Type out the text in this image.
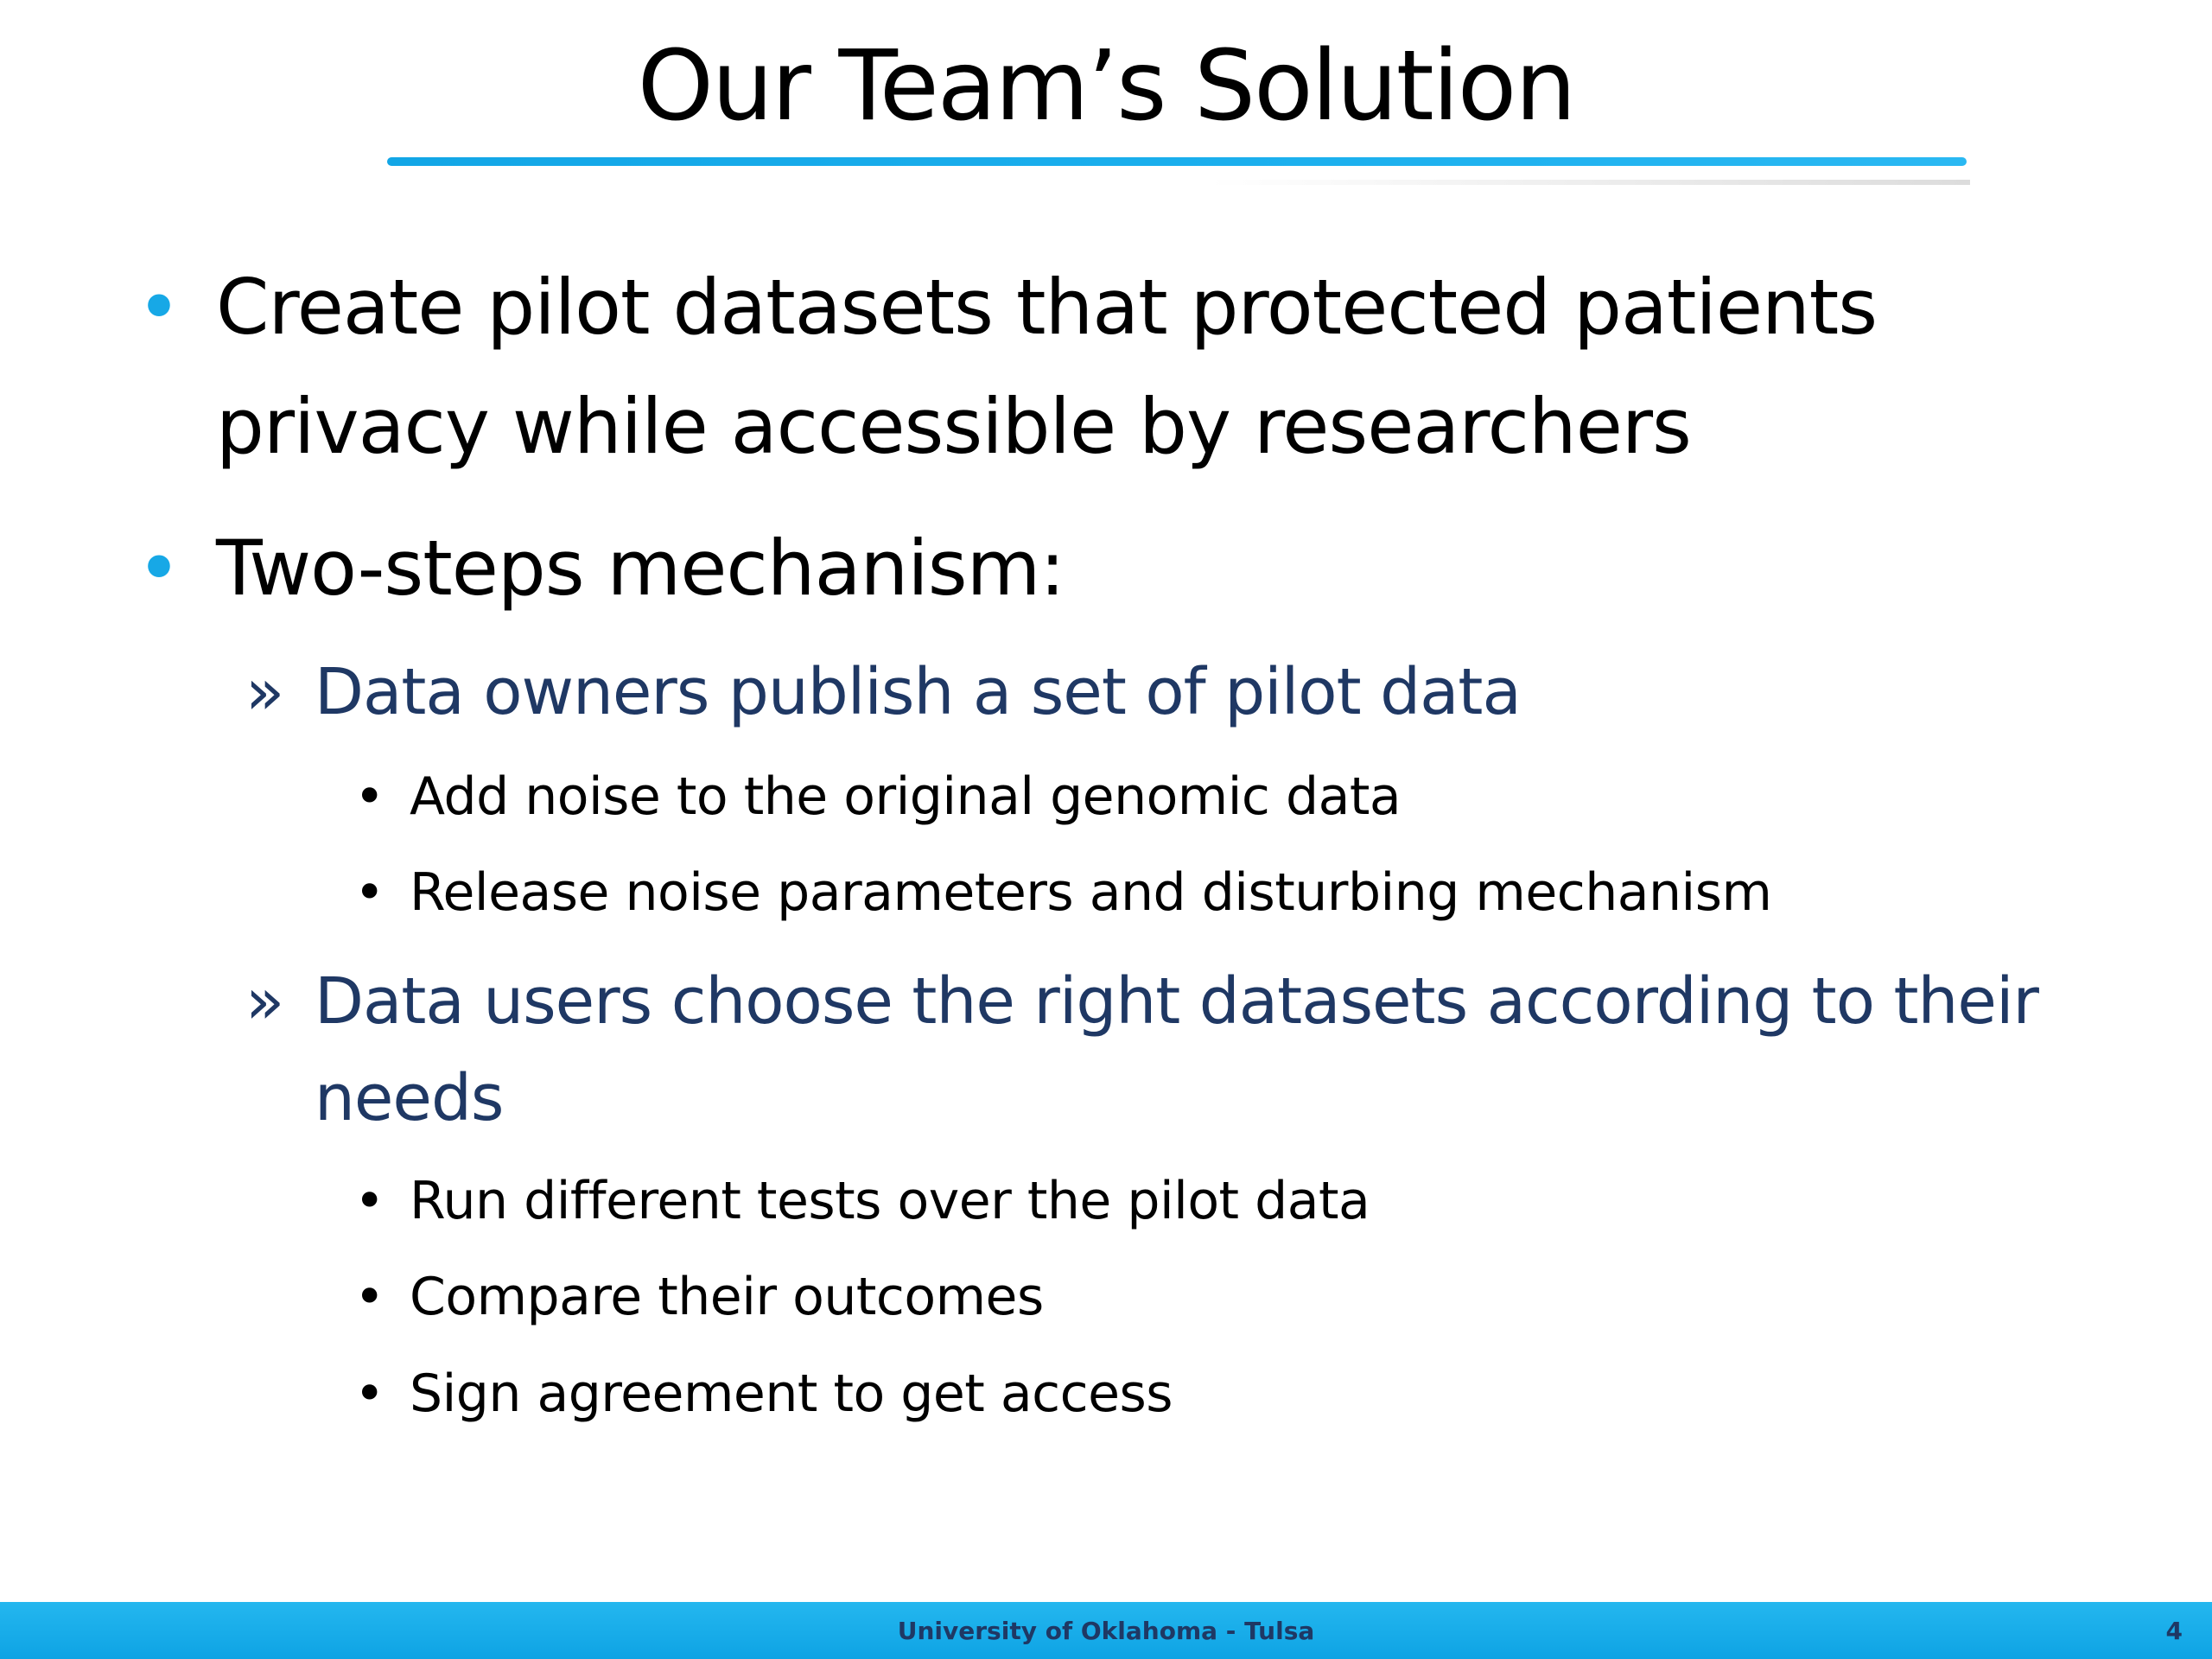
Our Team’s Solution
• Create pilot datasets that protected patients
privacy while accessible by researchers
• Two-steps mechanism:
» Data owners publish a set of pilot data
• Add noise to the original genomic data
• Release noise parameters and disturbing mechanism
» Data users choose the right datasets according to their
needs
• Run different tests over the pilot data
• Compare their outcomes
• Sign agreement to get access
University of Oklahoma - Tulsa	4
